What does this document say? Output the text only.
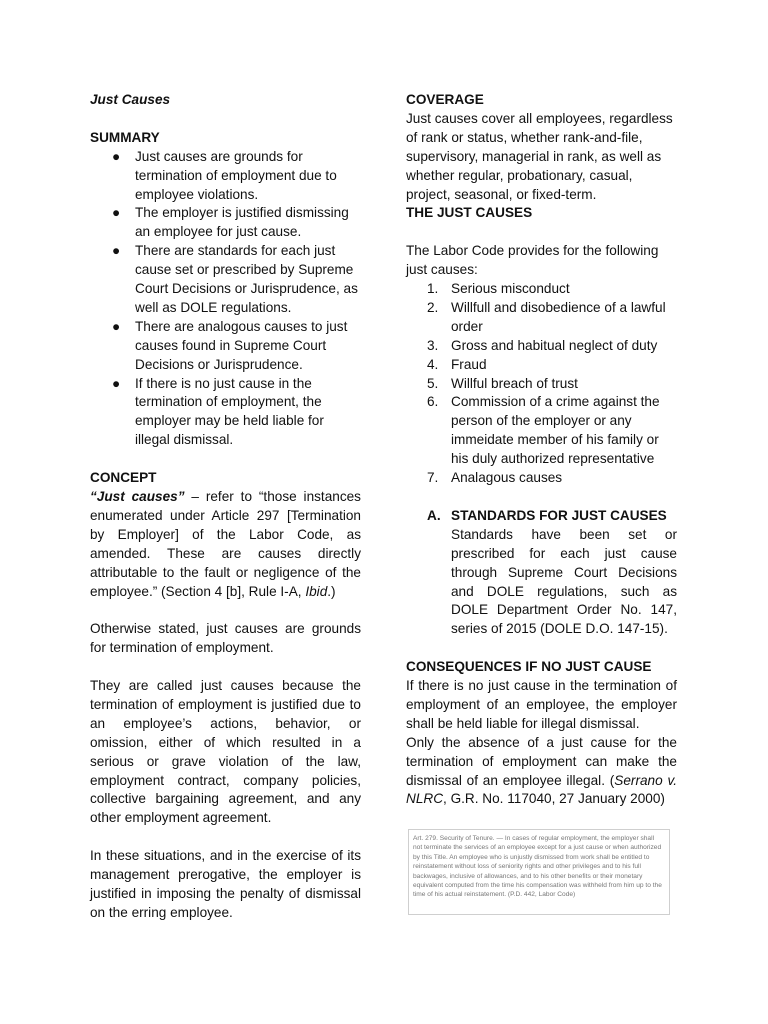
Just Causes

SUMMARY

● Just causes are grounds for termination of employment due to employee violations.
● The employer is justified dismissing an employee for just cause.
● There are standards for each just cause set or prescribed by Supreme Court Decisions or Jurisprudence, as well as DOLE regulations.
● There are analogous causes to just causes found in Supreme Court Decisions or Jurisprudence.
● If there is no just cause in the termination of employment, the employer may be held liable for illegal dismissal.

CONCEPT

“Just causes” – refer to “those instances enumerated under Article 297 [Termination by Employer] of the Labor Code, as amended. These are causes directly attributable to the fault or negligence of the employee.” (Section 4 [b], Rule I-A, Ibid.)

Otherwise stated, just causes are grounds for termination of employment.

They are called just causes because the termination of employment is justified due to an employee’s actions, behavior, or omission, either of which resulted in a serious or grave violation of the law, employment contract, company policies, collective bargaining agreement, and any other employment agreement.

In these situations, and in the exercise of its management prerogative, the employer is justified in imposing the penalty of dismissal on the erring employee.

COVERAGE

Just causes cover all employees, regardless of rank or status, whether rank-and-file, supervisory, managerial in rank, as well as whether regular, probationary, casual, project, seasonal, or fixed-term.

THE JUST CAUSES

The Labor Code provides for the following just causes:

1. Serious misconduct
2. Willfull and disobedience of a lawful order
3. Gross and habitual neglect of duty
4. Fraud
5. Willful breach of trust
6. Commission of a crime against the person of the employer or any immeidate member of his family or his duly authorized representative
7. Analagous causes
A. STANDARDS FOR JUST CAUSES

Standards have been set or prescribed for each just cause through Supreme Court Decisions and DOLE regulations, such as DOLE Department Order No. 147, series of 2015 (DOLE D.O. 147-15).

CONSEQUENCES IF NO JUST CAUSE

If there is no just cause in the termination of employment of an employee, the employer shall be held liable for illegal dismissal.

Only the absence of a just cause for the termination of employment can make the dismissal of an employee illegal. (Serrano v. NLRC, G.R. No. 117040, 27 January 2000)

Art. 279. Security of Tenure. — In cases of regular employment, the employer shall not terminate the services of an employee except for a just cause or when authorized by this Title. An employee who is unjustly dismissed from work shall be entitled to reinstatement without loss of seniority rights and other privileges and to his full backwages, inclusive of allowances, and to his other benefits or their monetary equivalent computed from the time his compensation was withheld from him up to the time of his actual reinstatement. (P.D. 442, Labor Code)
